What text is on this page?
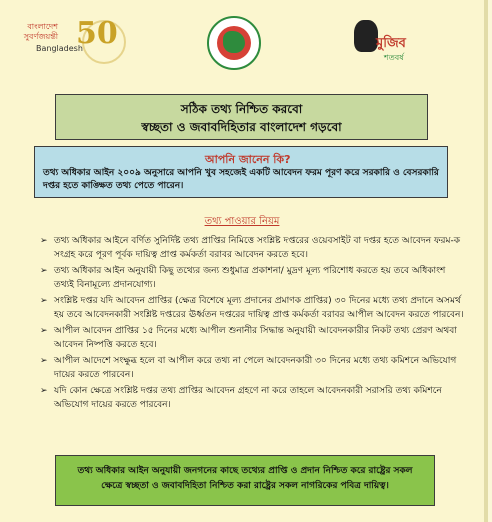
বাংলাদেশ সুবর্ণজয়ন্তী
Bangladesh
50	মুজিব
শতবর্ষ
সঠিক তথ্য নিশ্চিত করবো
স্বচ্ছতা ও জবাবদিহিতার বাংলাদেশ গড়বো
আপনি জানেন কি?
তথ্য অধিকার আইন ২০০৯ অনুসারে আপনি খুব সহজেই একটি আবেদন ফরম পূরণ করে সরকারি ও বেসরকারি দপ্তর হতে কাঙ্ক্ষিত তথ্য পেতে পারেন।
তথ্য পাওয়ার নিয়ম
➢ তথ্য অধিকার আইনে বর্ণিত সুনির্দিষ্ট তথ্য প্রাপ্তির নিমিত্তে সংশ্লিষ্ট দপ্তরের ওয়েবসাইট বা দপ্তর হতে আবেদন ফরম-ক সংগ্রহ করে পূরণ পূর্বক দায়িত্ব প্রাপ্ত কর্মকর্তা বরাবর আবেদন করতে হবে।
➢ তথ্য অধিকার আইন অনুযায়ী কিছু তথ্যের জন্য শুধুমাত্র প্রকাশনা/ মুদ্রণ মূল্য পরিশোধ করতে হয় তবে অধিকাংশ তথ্যই বিনামূল্যে প্রদানযোগ্য।
➢ সংশ্লিষ্ট দপ্তর যদি আবেদন প্রাপ্তির (ক্ষেত্র বিশেষে মূল্য প্রদানের প্রমাণক প্রাপ্তির) ৩০ দিনের মধ্যে তথ্য প্রদানে অসমর্থ হয় তবে আবেদনকারী সংশ্লিষ্ট দপ্তরের ঊর্ধ্বতন দপ্তরের দায়িত্ব প্রাপ্ত কর্মকর্তা বরাবর আপীল আবেদন করতে পারবেন।
➢ আপীল আবেদন প্রাপ্তির ১৫ দিনের মধ্যে আপীল শুনানীর সিদ্ধান্ত অনুযায়ী আবেদনকারীর নিকট তথ্য প্রেরণ অথবা আবেদন নিষ্পত্তি করতে হবে।
➢ আপীল আদেশে সংক্ষুব্ধ হলে বা আপীল করে তথ্য না পেলে আবেদনকারী ৩০ দিনের মধ্যে তথ্য কমিশনে অভিযোগ দায়ের করতে পারবেন।
➢ যদি কোন ক্ষেত্রে সংশ্লিষ্ট দপ্তর তথ্য প্রাপ্তির আবেদন গ্রহণে না করে তাহলে আবেদনকারী সরাসরি তথ্য কমিশনে অভিযোগ দায়ের করতে পারবেন।
তথ্য অধিকার আইন অনুযায়ী জনগনের কাছে তথ্যের প্রাপ্তি ও প্রদান নিশ্চিত করে রাষ্ট্রের সকল ক্ষেত্রে স্বচ্ছতা ও জবাবদিহিতা নিশ্চিত করা রাষ্ট্রের সকল নাগরিকের পবিত্র দায়িত্ব।
